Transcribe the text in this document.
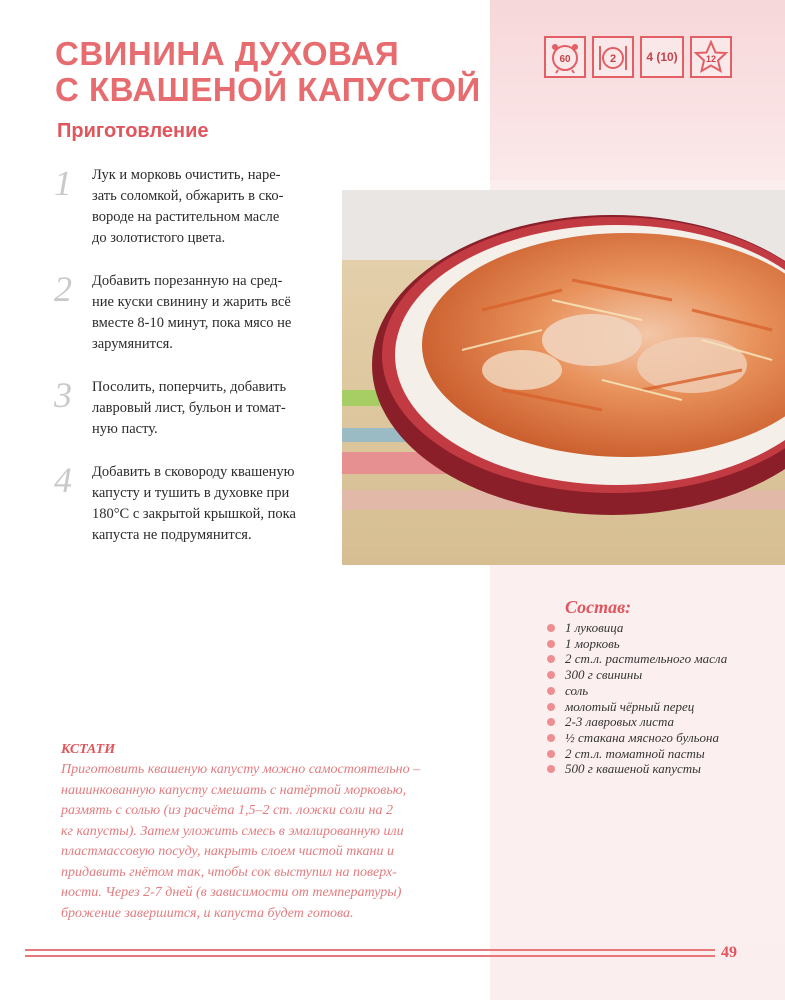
СВИНИНА ДУХОВАЯ
С КВАШЕНОЙ КАПУСТОЙ
Приготовление
60	2	4 (10)	12
1 Лук и морковь очистить, наре-
зать соломкой, обжарить в ско-
вороде на растительном масле
до золотистого цвета.
2 Добавить порезанную на сред-
ние куски свинину и жарить всё
вместе 8-10 минут, пока мясо не
зарумянится.
3 Посолить, поперчить, добавить
лавровый лист, бульон и томат-
ную пасту.
4 Добавить в сковороду квашеную
капусту и тушить в духовке при
180°С с закрытой крышкой, пока
капуста не подрумянится.

Состав:

1 луковица
1 морковь
2 ст.л. растительного масла
300 г свинины
соль
молотый чёрный перец
2-3 лавровых листа
½ стакана мясного бульона
2 ст.л. томатной пасты
500 г квашеной капусты

КСТАТИ

Приготовить квашеную капусту можно самостоятельно –
нашинкованную капусту смешать с натёртой морковью,
размять с солью (из расчёта 1,5–2 ст. ложки соли на 2
кг капусты). Затем уложить смесь в эмалированную или
пластмассовую посуду, накрыть слоем чистой ткани и
придавить гнётом так, чтобы сок выступил на поверх-
ности. Через 2-7 дней (в зависимости от температуры)
брожение завершится, и капуста будет готова.

49
